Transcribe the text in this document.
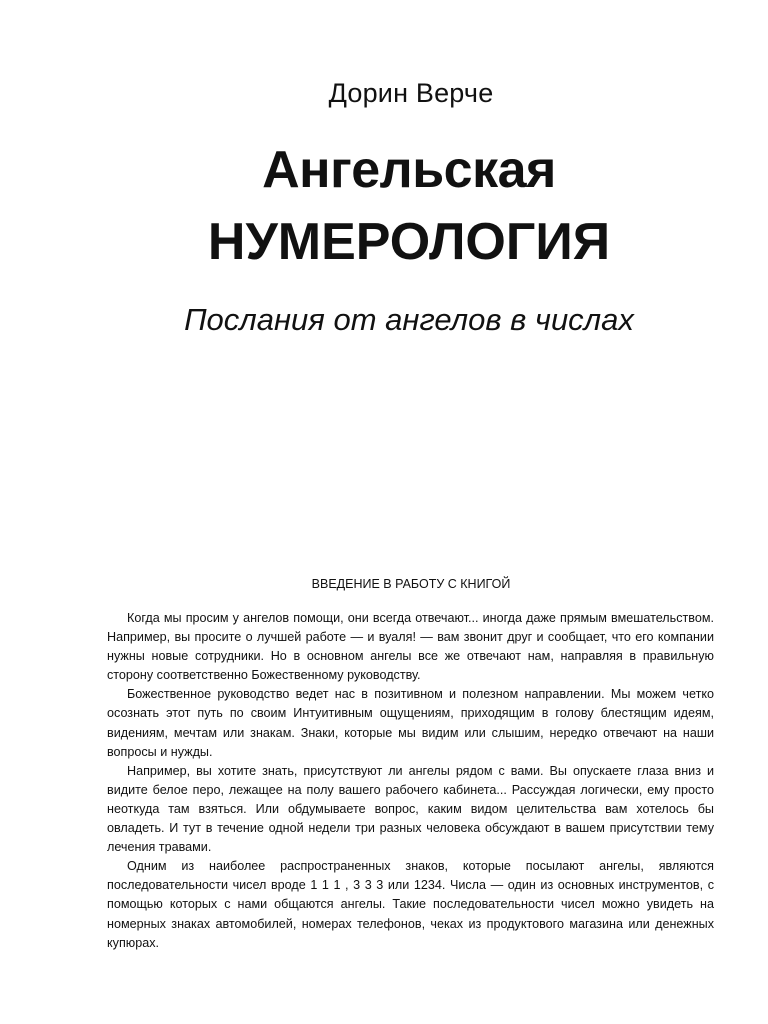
Дорин Верче
Ангельская
НУМЕРОЛОГИЯ
Послания от ангелов в числах
ВВЕДЕНИЕ В РАБОТУ С КНИГОЙ

Когда мы просим у ангелов помощи, они всегда отвечают... иногда даже прямым вмешательством. Например, вы просите о лучшей работе — и вуаля! — вам звонит друг и сообщает, что его компании нужны новые сотрудники. Но в основном ангелы все же отвечают нам, направляя в правильную сторону соответственно Божественному руководству.

Божественное руководство ведет нас в позитивном и полезном направлении. Мы можем четко осознать этот путь по своим Интуитивным ощущениям, приходящим в голову блестящим идеям, видениям, мечтам или знакам. Знаки, которые мы видим или слышим, нередко отвечают на наши вопросы и нужды.

Например, вы хотите знать, присутствуют ли ангелы рядом с вами. Вы опускаете глаза вниз и видите белое перо, лежащее на полу вашего рабочего кабинета... Рассуждая логически, ему просто неоткуда там взяться. Или обдумываете вопрос, каким видом целительства вам хотелось бы овладеть. И тут в течение одной недели три разных человека обсуждают в вашем присутствии тему лечения травами.

Одним из наиболее распространенных знаков, которые посылают ангелы, являются последовательности чисел вроде 1 1 1 , 3 3 3 или 1234. Числа — один из основных инструментов, с помощью которых с нами общаются ангелы. Такие последовательности чисел можно увидеть на номерных знаках автомобилей, номерах телефонов, чеках из продуктового магазина или денежных купюрах.
